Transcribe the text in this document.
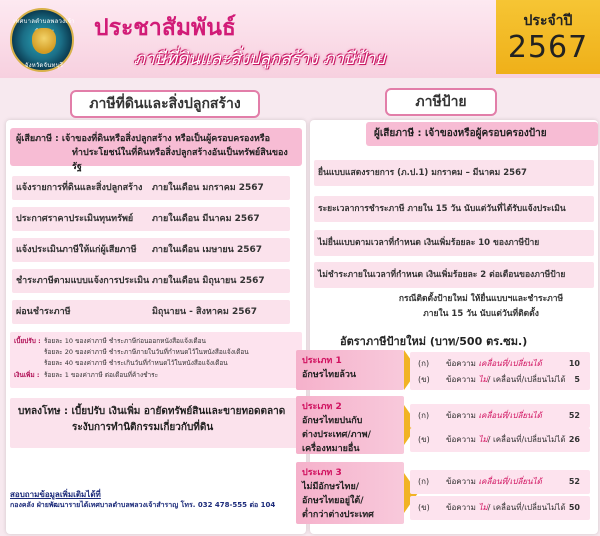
เทศบาลตำบลพลวงเจ้า
จังหวัดจันทบุรี
ประชาสัมพันธ์
ภาษีที่ดินและสิ่งปลูกสร้าง ภาษีป้าย
ประจำปี
2567
ภาษีที่ดินและสิ่งปลูกสร้าง
ผู้เสียภาษี : เจ้าของที่ดินหรือสิ่งปลูกสร้าง หรือเป็นผู้ครอบครองหรือ
ทำประโยชน์ในที่ดินหรือสิ่งปลูกสร้างอันเป็นทรัพย์สินของรัฐ
แจ้งรายการที่ดินและสิ่งปลูกสร้าง ภายในเดือน มกราคม 2567
ประกาศราคาประเมินทุนทรัพย์ ภายในเดือน มีนาคม 2567
แจ้งประเมินภาษีให้แก่ผู้เสียภาษี ภายในเดือน เมษายน 2567
ชำระภาษีตามแบบแจ้งการประเมิน ภายในเดือน มิถุนายน 2567
ผ่อนชำระภาษี	มิถุนายน - สิงหาคม 2567
เบี้ยปรับ : ร้อยละ 10 ของค่าภาษี ชำระภาษีก่อนออกหนังสือแจ้งเตือน
ร้อยละ 20 ของค่าภาษี ชำระภาษีภายในวันที่กำหนดไว้ในหนังสือแจ้งเตือน
ร้อยละ 40 ของค่าภาษี ชำระเกินวันที่กำหนดไว้ในหนังสือแจ้งเตือน
เงินเพิ่ม : ร้อยละ 1 ของค่าภาษี ต่อเดือนที่ค้างชำระ
บทลงโทษ : เบี้ยปรับ เงินเพิ่ม อายัดทรัพย์สินและขายทอดตลาด
ระงับการทำนิติกรรมเกี่ยวกับที่ดิน
สอบถามข้อมูลเพิ่มเติมได้ที่
กองคลัง ฝ่ายพัฒนารายได้เทศบาลตำบลพลวงเจ้าสำราญ โทร. 032 478-555 ต่อ 104
ภาษีป้าย
ผู้เสียภาษี : เจ้าของหรือผู้ครอบครองป้าย
ยื่นแบบแสดงรายการ (ภ.ป.1) มกราคม – มีนาคม 2567
ระยะเวลาการชำระภาษี ภายใน 15 วัน นับแต่วันที่ได้รับแจ้งประเมิน
ไม่ยื่นแบบตามเวลาที่กำหนด เงินเพิ่มร้อยละ 10 ของภาษีป้าย
ไม่ชำระภายในเวลาที่กำหนด เงินเพิ่มร้อยละ 2 ต่อเดือนของภาษีป้าย
กรณีติดตั้งป้ายใหม่ ให้ยื่นแบบฯและชำระภาษี
ภายใน 15 วัน นับแต่วันที่ติดตั้ง
อัตราภาษีป้ายใหม่ (บาท/500 ตร.ซม.)
ประเภท 1
อักษรไทยล้วน
(ก) ข้อความ เคลื่อนที่/เปลี่ยนได้	10
(ข) ข้อความ ไม่/ เคลื่อนที่/เปลี่ยนไม่ได้ 5
ประเภท 2
อักษรไทยปนกับ
ต่างประเทศ/ภาพ/
เครื่องหมายอื่น
(ก) ข้อความ เคลื่อนที่/เปลี่ยนได้	52
(ข) ข้อความ ไม่/ เคลื่อนที่/เปลี่ยนไม่ได้ 26
ประเภท 3
ไม่มีอักษรไทย/
อักษรไทยอยู่ใต้/
ต่ำกว่าต่างประเทศ
(ก) ข้อความ เคลื่อนที่/เปลี่ยนได้	52
(ข) ข้อความ ไม่/ เคลื่อนที่/เปลี่ยนไม่ได้ 50
